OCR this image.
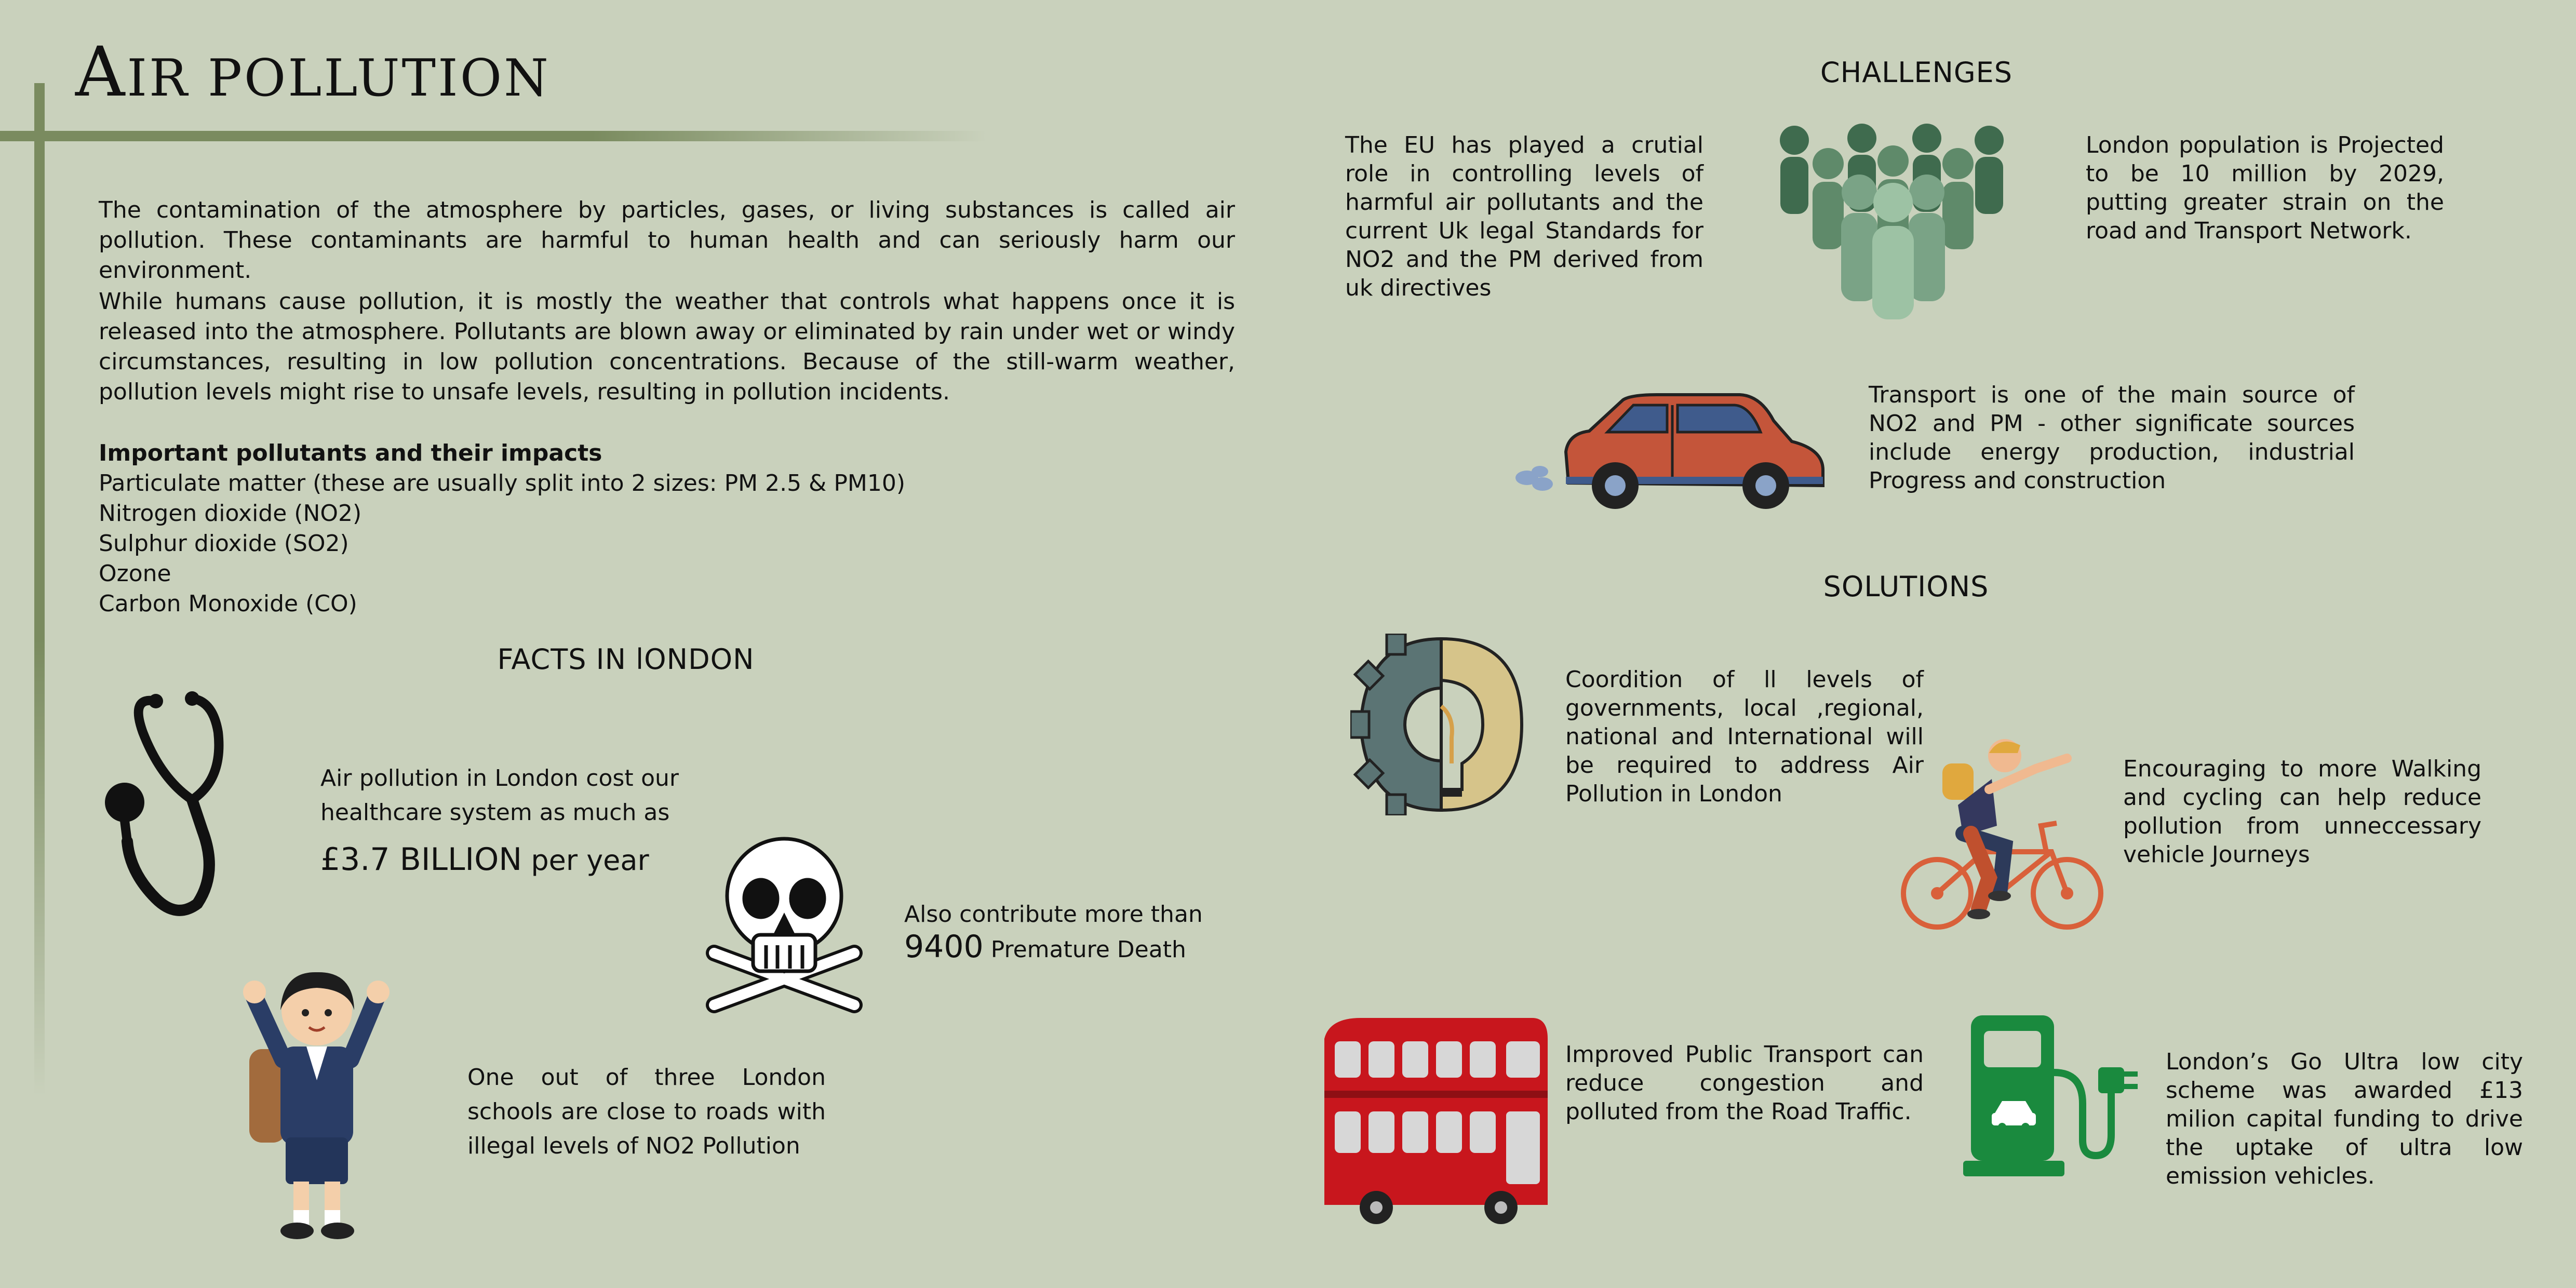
AIR POLLUTION

The contamination of the atmosphere by particles, gases, or living substances is called air pollution. These contaminants are harmful to human health and can seriously harm our environment.

While humans cause pollution, it is mostly the weather that controls what happens once it is released into the atmosphere. Pollutants are blown away or eliminated by rain under wet or windy circumstances, resulting in low pollution concentrations. Because of the still-warm weather, pollution levels might rise to unsafe levels, resulting in pollution incidents.

Important pollutants and their impacts

Particulate matter (these are usually split into 2 sizes: PM 2.5 & PM10)

Nitrogen dioxide (NO2)

Sulphur dioxide (SO2)

Ozone

Carbon Monoxide (CO)

FACTS IN lONDON

Air pollution in London cost our healthcare system as much as

£3.7 BILLION per year

Also contribute more than

9400 Premature Death

One out of three London schools are close to roads with illegal levels of NO2 Pollution

CHALLENGES

The EU has played a crutial role in controlling levels of harmful air pollutants and the current Uk legal Standards for NO2 and the PM derived from uk directives

London population is Projected to be 10 million by 2029, putting greater strain on the road and Transport Network.

Transport is one of the main source of NO2 and PM - other significate sources include energy production, industrial Progress and construction

SOLUTIONS

Coordition of ll levels of governments, local ,regional, national and International will be required to address Air Pollution in London

Encouraging to more Walking and cycling can help reduce pollution from unneccessary vehicle Journeys

Improved Public Transport can reduce congestion and polluted from the Road Traffic.

London’s Go Ultra low city scheme was awarded £13 milion capital funding to drive the uptake of ultra low emission vehicles.
